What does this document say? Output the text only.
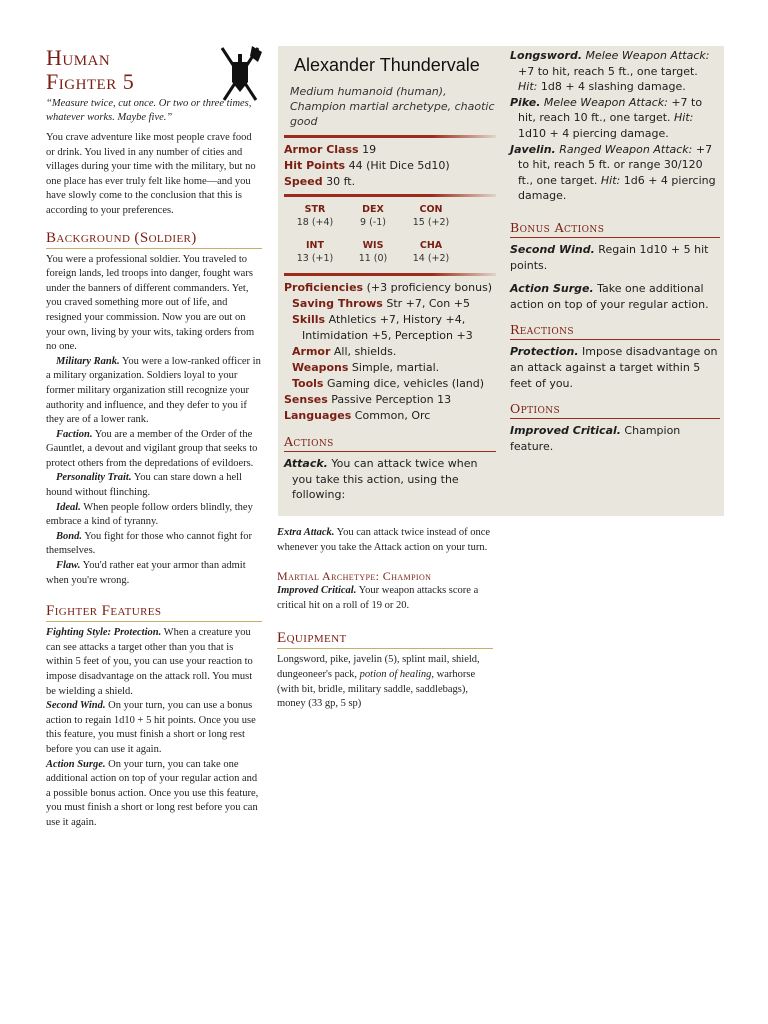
Human
Fighter 5
“Measure twice, cut once. Or two or three times, whatever works. Maybe five.”
You crave adventure like most people crave food or drink. You lived in any number of cities and villages during your time with the military, but no one place has ever truly felt like home—and you have slowly come to the conclusion that this is according to your preferences.
Background (Soldier)

You were a professional soldier. You traveled to foreign lands, led troops into danger, fought wars under the banners of different commanders. Yet, you craved something more out of life, and resigned your commission. Now you are out on your own, living by your wits, taking orders from no one.

Military Rank. You were a low-ranked officer in a military organization. Soldiers loyal to your former military organization still recognize your authority and influence, and they defer to you if they are of a lower rank.

Faction. You are a member of the Order of the Gauntlet, a devout and vigilant group that seeks to protect others from the depredations of evildoers.

Personality Trait. You can stare down a hell hound without flinching.

Ideal. When people follow orders blindly, they embrace a kind of tyranny.

Bond. You fight for those who cannot fight for themselves.

Flaw. You'd rather eat your armor than admit when you're wrong.

Fighter Features

Fighting Style: Protection. When a creature you can see attacks a target other than you that is within 5 feet of you, you can use your reaction to impose disadvantage on the attack roll. You must be wielding a shield.

Second Wind. On your turn, you can use a bonus action to regain 1d10 + 5 hit points. Once you use this feature, you must finish a short or long rest before you can use it again.

Action Surge. On your turn, you can take one additional action on top of your regular action and a possible bonus action. Once you use this feature, you must finish a short or long rest before you can use it again.

Alexander Thundervale
Medium humanoid (human), Champion martial archetype, chaotic good
Armor Class 19
Hit Points 44 (Hit Dice 5d10)
Speed 30 ft.
STR
18 (+4)
DEX
9 (-1)
CON
15 (+2)
INT
13 (+1)
WIS
11 (0)
CHA
14 (+2)
Proficiencies (+3 proficiency bonus)
Saving Throws Str +7, Con +5
Skills Athletics +7, History +4, Intimidation +5, Perception +3
Armor All, shields.
Weapons Simple, martial.
Tools Gaming dice, vehicles (land)
Senses Passive Perception 13
Languages Common, Orc
Actions

Attack. You can attack twice when you take this action, using the following:

Longsword. Melee Weapon Attack: +7 to hit, reach 5 ft., one target. Hit: 1d8 + 4 slashing damage.

Pike. Melee Weapon Attack: +7 to hit, reach 10 ft., one target. Hit: 1d10 + 4 piercing damage.

Javelin. Ranged Weapon Attack: +7 to hit, reach 5 ft. or range 30/120 ft., one target. Hit: 1d6 + 4 piercing damage.

Bonus Actions

Second Wind. Regain 1d10 + 5 hit points.

Action Surge. Take one additional action on top of your regular action.

Reactions

Protection. Impose disadvantage on an attack against a target within 5 feet of you.

Options

Improved Critical. Champion feature.

Extra Attack. You can attack twice instead of once whenever you take the Attack action on your turn.
Martial Archetype: Champion
Improved Critical. Your weapon attacks score a critical hit on a roll of 19 or 20.
Equipment
Longsword, pike, javelin (5), splint mail, shield, dungeoneer's pack, potion of healing, warhorse (with bit, bridle, military saddle, saddlebags), money (33 gp, 5 sp)
